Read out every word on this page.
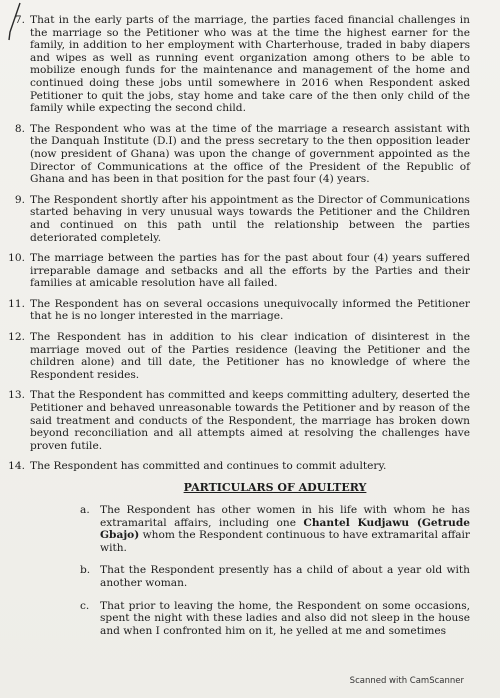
7. That in the early parts of the marriage, the parties faced financial challenges in the marriage so the Petitioner who was at the time the highest earner for the family, in addition to her employment with Charterhouse, traded in baby diapers and wipes as well as running event organization among others to be able to mobilize enough funds for the maintenance and management of the home and continued doing these jobs until somewhere in 2016 when Respondent asked Petitioner to quit the jobs, stay home and take care of the then only child of the family while expecting the second child.
8. The Respondent who was at the time of the marriage a research assistant with the Danquah Institute (D.I) and the press secretary to the then opposition leader (now president of Ghana) was upon the change of government appointed as the Director of Communications at the office of the President of the Republic of Ghana and has been in that position for the past four (4) years.
9. The Respondent shortly after his appointment as the Director of Communications started behaving in very unusual ways towards the Petitioner and the Children and continued on this path until the relationship between the parties deteriorated completely.
10. The marriage between the parties has for the past about four (4) years suffered irreparable damage and setbacks and all the efforts by the Parties and their families at amicable resolution have all failed.
11. The Respondent has on several occasions unequivocally informed the Petitioner that he is no longer interested in the marriage.
12. The Respondent has in addition to his clear indication of disinterest in the marriage moved out of the Parties residence (leaving the Petitioner and the children alone) and till date, the Petitioner has no knowledge of where the Respondent resides.
13. That the Respondent has committed and keeps committing adultery, deserted the Petitioner and behaved unreasonable towards the Petitioner and by reason of the said treatment and conducts of the Respondent, the marriage has broken down beyond reconciliation and all attempts aimed at resolving the challenges have proven futile.
14. The Respondent has committed and continues to commit adultery.
PARTICULARS OF ADULTERY
a. The Respondent has other women in his life with whom he has extramarital affairs, including one Chantel Kudjawu (Getrude Gbajo) whom the Respondent continuous to have extramarital affair with.
b. That the Respondent presently has a child of about a year old with another woman.
c.	That prior to leaving the home, the Respondent on some occasions, spent the night with these ladies and also did not sleep in the house and when I confronted him on it, he yelled at me and sometimes
Scanned with CamScanner
